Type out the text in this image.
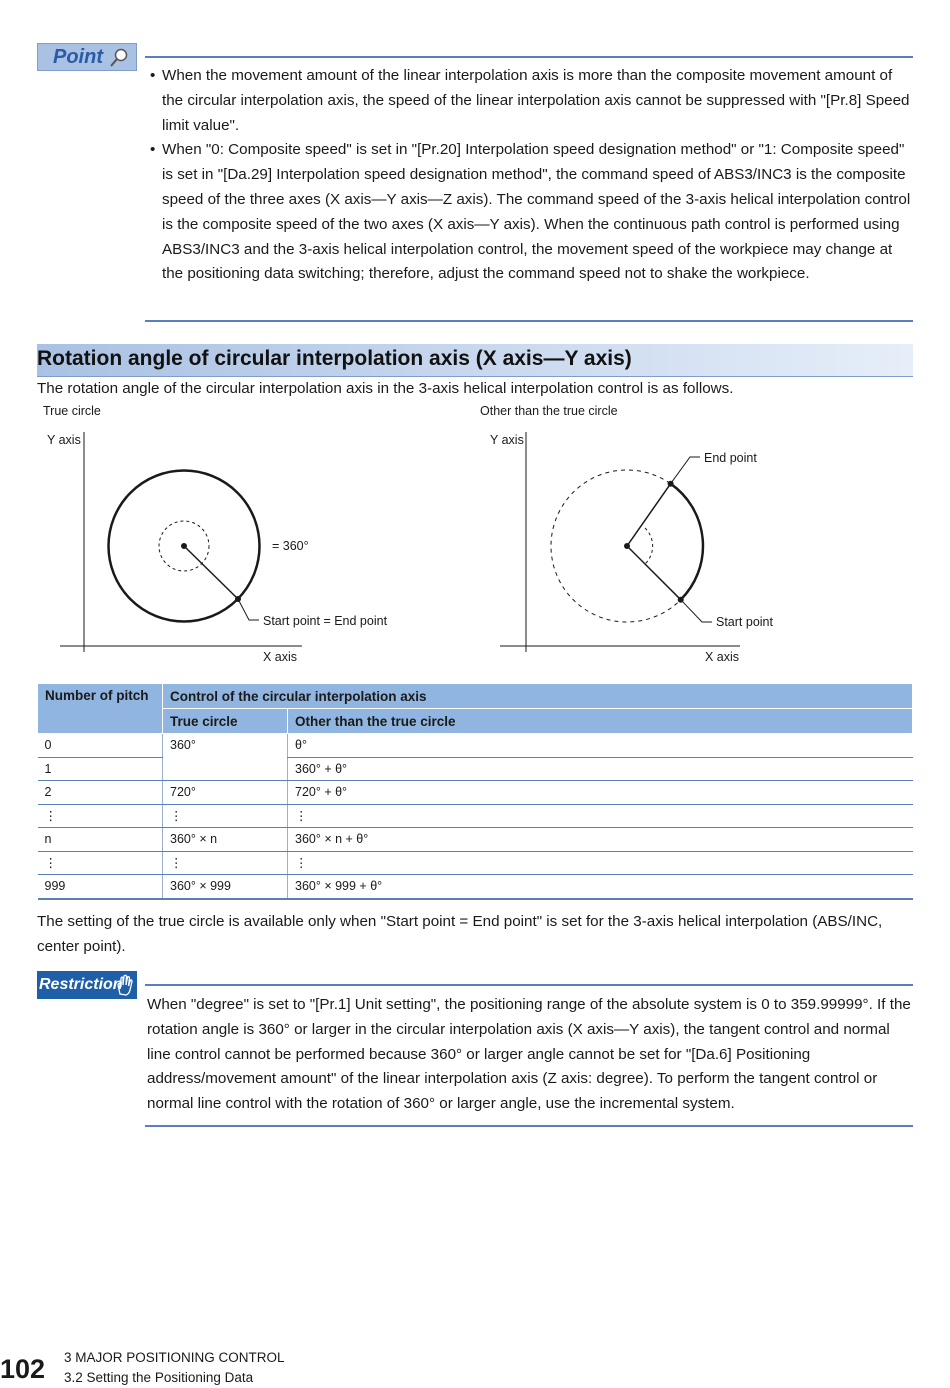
Point
• When the movement amount of the linear interpolation axis is more than the composite movement amount of the circular interpolation axis, the speed of the linear interpolation axis cannot be suppressed with "[Pr.8] Speed limit value".
• When "0: Composite speed" is set in "[Pr.20] Interpolation speed designation method" or "1: Composite speed" is set in "[Da.29] Interpolation speed designation method", the command speed of ABS3/INC3 is the composite speed of the three axes (X axis—Y axis—Z axis). The command speed of the 3-axis helical interpolation control is the composite speed of the two axes (X axis—Y axis). When the continuous path control is performed using ABS3/INC3 and the 3-axis helical interpolation control, the movement speed of the workpiece may change at the positioning data switching; therefore, adjust the command speed not to shake the workpiece.
Rotation angle of circular interpolation axis (X axis—Y axis)
The rotation angle of the circular interpolation axis in the 3-axis helical interpolation control is as follows.
True circle
Y axis
X axis
= 360°
Start point = End point
Other than the true circle
Y axis
X axis
End point
Start point
Number of pitch	Control of the circular interpolation axis	
	True circle	Other than the true circle
0	360°	θ°
1		360° + θ°
2	720°	720° + θ°
⋮	⋮	⋮
n	360° × n	360° × n + θ°
⋮	⋮	⋮
999	360° × 999	360° × 999 + θ°
The setting of the true circle is available only when "Start point = End point" is set for the 3-axis helical interpolation (ABS/INC, center point).
Restriction
When "degree" is set to "[Pr.1] Unit setting", the positioning range of the absolute system is 0 to 359.99999°. If the rotation angle is 360° or larger in the circular interpolation axis (X axis—Y axis), the tangent control and normal line control cannot be performed because 360° or larger angle cannot be set for "[Da.6] Positioning address/movement amount" of the linear interpolation axis (Z axis: degree). To perform the tangent control or normal line control with the rotation of 360° or larger angle, use the incremental system.
102 3 MAJOR POSITIONING CONTROL
3.2 Setting the Positioning Data
